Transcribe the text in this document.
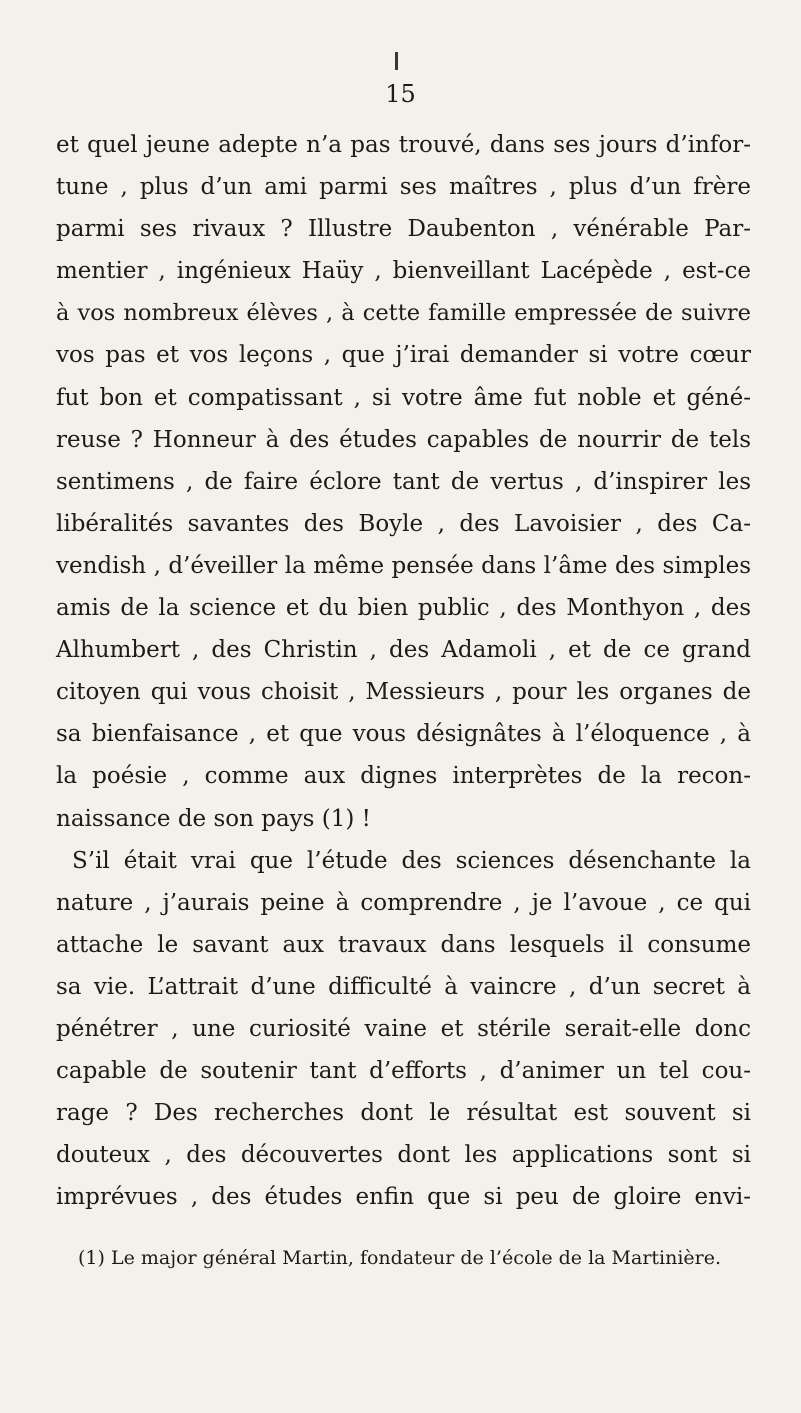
15
et quel jeune adepte n’a pas trouvé, dans ses jours d’infor-
tune , plus d’un ami parmi ses maîtres , plus d’un frère
parmi ses rivaux ? Illustre Daubenton , vénérable Par-
mentier , ingénieux Haüy , bienveillant Lacépède , est-ce
à vos nombreux élèves , à cette famille empressée de suivre
vos pas et vos leçons , que j’irai demander si votre cœur
fut bon et compatissant , si votre âme fut noble et géné-
reuse ? Honneur à des études capables de nourrir de tels
sentimens , de faire éclore tant de vertus , d’inspirer les
libéralités savantes des Boyle , des Lavoisier , des Ca-
vendish , d’éveiller la même pensée dans l’âme des simples
amis de la science et du bien public , des Monthyon , des
Alhumbert , des Christin , des Adamoli , et de ce grand
citoyen qui vous choisit , Messieurs , pour les organes de
sa bienfaisance , et que vous désignâtes à l’éloquence , à
la poésie , comme aux dignes interprètes de la recon-
naissance de son pays (1) !
S’il était vrai que l’étude des sciences désenchante la
nature , j’aurais peine à comprendre , je l’avoue , ce qui
attache le savant aux travaux dans lesquels il consume
sa vie. L’attrait d’une difficulté à vaincre , d’un secret à
pénétrer , une curiosité vaine et stérile serait-elle donc
capable de soutenir tant d’efforts , d’animer un tel cou-
rage ? Des recherches dont le résultat est souvent si
douteux , des découvertes dont les applications sont si
imprévues , des études enfin que si peu de gloire envi-
(1) Le major général Martin, fondateur de l’école de la Martinière.
